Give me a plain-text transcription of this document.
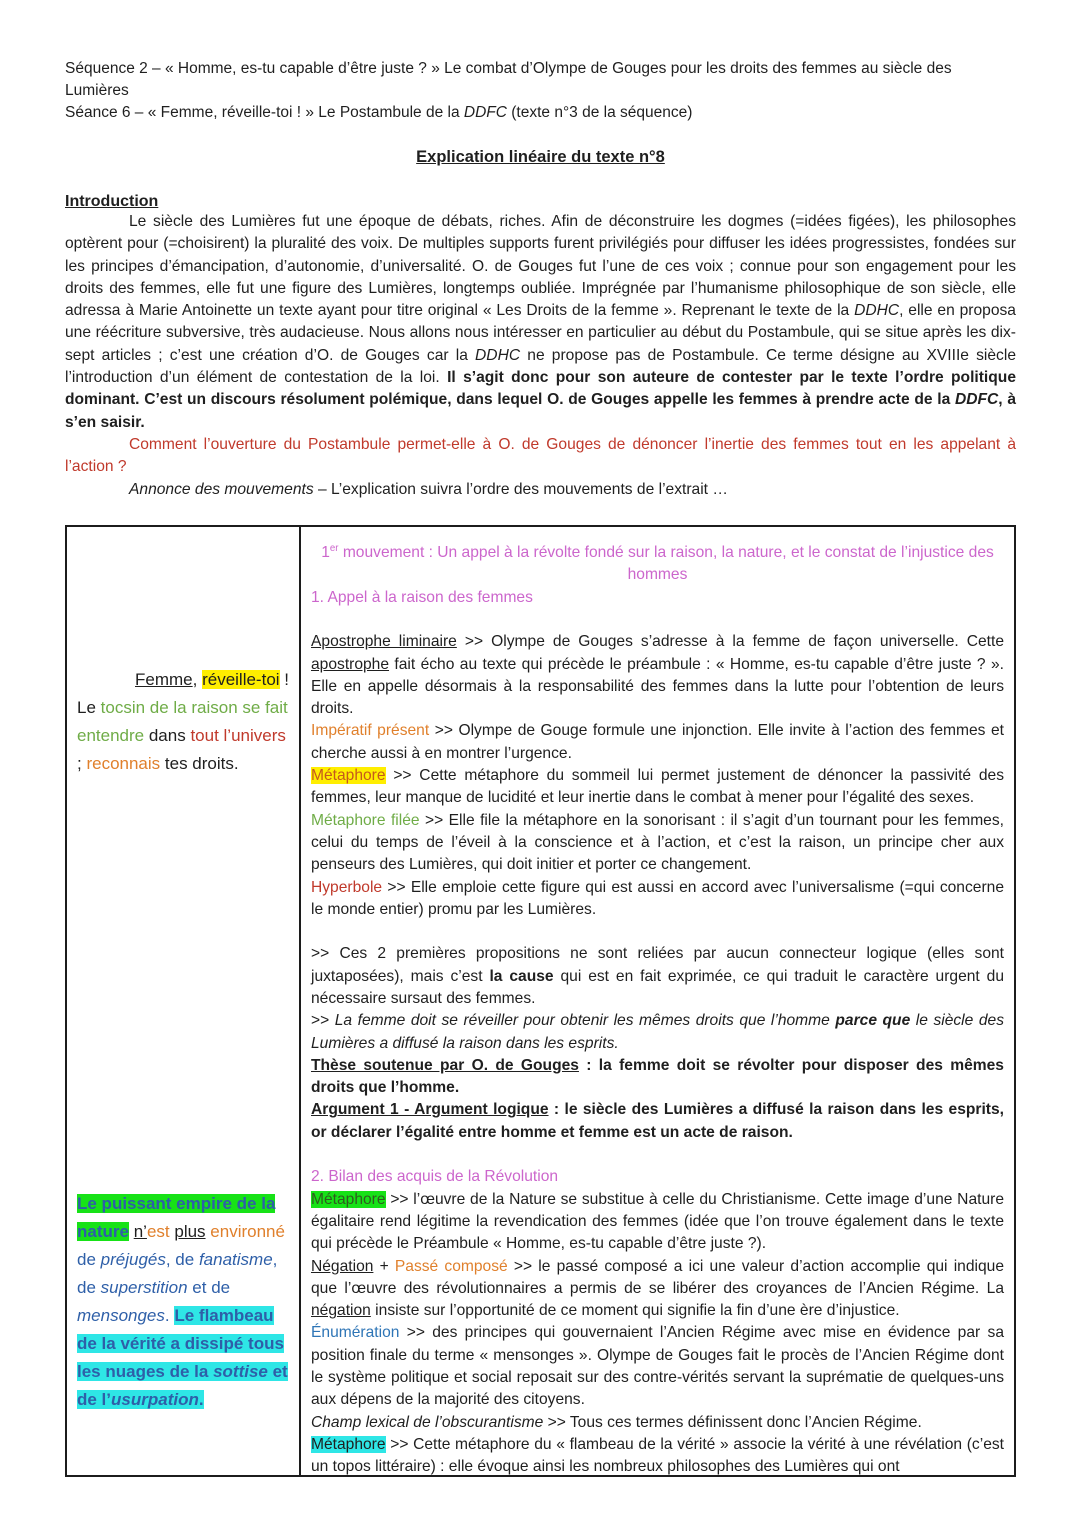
Séquence 2 – « Homme, es-tu capable d’être juste ? » Le combat d’Olympe de Gouges pour les droits des femmes au siècle des Lumières
Séance 6 – « Femme, réveille-toi ! » Le Postambule de la DDFC (texte n°3 de la séquence)
Explication linéaire du texte n°8
Introduction

Le siècle des Lumières fut une époque de débats, riches. Afin de déconstruire les dogmes (=idées figées), les philosophes optèrent pour (=choisirent) la pluralité des voix. De multiples supports furent privilégiés pour diffuser les idées progressistes, fondées sur les principes d’émancipation, d’autonomie, d’universalité. O. de Gouges fut l’une de ces voix ; connue pour son engagement pour les droits des femmes, elle fut une figure des Lumières, longtemps oubliée. Imprégnée par l’humanisme philosophique de son siècle, elle adressa à Marie Antoinette un texte ayant pour titre original « Les Droits de la femme ». Reprenant le texte de la DDHC, elle en proposa une réécriture subversive, très audacieuse. Nous allons nous intéresser en particulier au début du Postambule, qui se situe après les dix-sept articles ; c’est une création d’O. de Gouges car la DDHC ne propose pas de Postambule. Ce terme désigne au XVIIIe siècle l’introduction d’un élément de contestation de la loi. Il s’agit donc pour son auteure de contester par le texte l’ordre politique dominant. C’est un discours résolument polémique, dans lequel O. de Gouges appelle les femmes à prendre acte de la DDFC, à s’en saisir.

Comment l’ouverture du Postambule permet-elle à O. de Gouges de dénoncer l’inertie des femmes tout en les appelant à l’action ?

Annonce des mouvements – L’explication suivra l’ordre des mouvements de l’extrait …

Femme, réveille-toi ! Le tocsin de la raison se fait entendre dans tout l’univers ; reconnais tes droits.

Le puissant empire de la nature n’est plus environné de préjugés, de fanatisme, de superstition et de mensonges. Le flambeau de la vérité a dissipé tous les nuages de la sottise et de l’usurpation.

1er mouvement : Un appel à la révolte fondé sur la raison, la nature, et le constat de l’injustice des hommes

1. Appel à la raison des femmes

Apostrophe liminaire >> Olympe de Gouges s’adresse à la femme de façon universelle. Cette apostrophe fait écho au texte qui précède le préambule : « Homme, es-tu capable d’être juste ? ». Elle en appelle désormais à la responsabilité des femmes dans la lutte pour l’obtention de leurs droits.

Impératif présent >> Olympe de Gouge formule une injonction. Elle invite à l’action des femmes et cherche aussi à en montrer l’urgence.

Métaphore >> Cette métaphore du sommeil lui permet justement de dénoncer la passivité des femmes, leur manque de lucidité et leur inertie dans le combat à mener pour l’égalité des sexes.

Métaphore filée >> Elle file la métaphore en la sonorisant : il s’agit d’un tournant pour les femmes, celui du temps de l’éveil à la conscience et à l’action, et c’est la raison, un principe cher aux penseurs des Lumières, qui doit initier et porter ce changement.

Hyperbole >> Elle emploie cette figure qui est aussi en accord avec l’universalisme (=qui concerne le monde entier) promu par les Lumières.

>> Ces 2 premières propositions ne sont reliées par aucun connecteur logique (elles sont juxtaposées), mais c’est la cause qui est en fait exprimée, ce qui traduit le caractère urgent du nécessaire sursaut des femmes.

>> La femme doit se réveiller pour obtenir les mêmes droits que l’homme parce que le siècle des Lumières a diffusé la raison dans les esprits.

Thèse soutenue par O. de Gouges : la femme doit se révolter pour disposer des mêmes droits que l’homme.

Argument 1 - Argument logique : le siècle des Lumières a diffusé la raison dans les esprits, or déclarer l’égalité entre homme et femme est un acte de raison.

2. Bilan des acquis de la Révolution

Métaphore >> l’œuvre de la Nature se substitue à celle du Christianisme. Cette image d’une Nature égalitaire rend légitime la revendication des femmes (idée que l’on trouve également dans le texte qui précède le Préambule « Homme, es-tu capable d’être juste ?).

Négation + Passé composé >> le passé composé a ici une valeur d’action accomplie qui indique que l’œuvre des révolutionnaires a permis de se libérer des croyances de l’Ancien Régime. La négation insiste sur l’opportunité de ce moment qui signifie la fin d’une ère d’injustice.

Énumération >> des principes qui gouvernaient l’Ancien Régime avec mise en évidence par sa position finale du terme « mensonges ». Olympe de Gouges fait le procès de l’Ancien Régime dont le système politique et social reposait sur des contre-vérités servant la suprématie de quelques-uns aux dépens de la majorité des citoyens.

Champ lexical de l’obscurantisme >> Tous ces termes définissent donc l’Ancien Régime.

Métaphore >> Cette métaphore du « flambeau de la vérité » associe la vérité à une révélation (c’est un topos littéraire) : elle évoque ainsi les nombreux philosophes des Lumières qui ont
